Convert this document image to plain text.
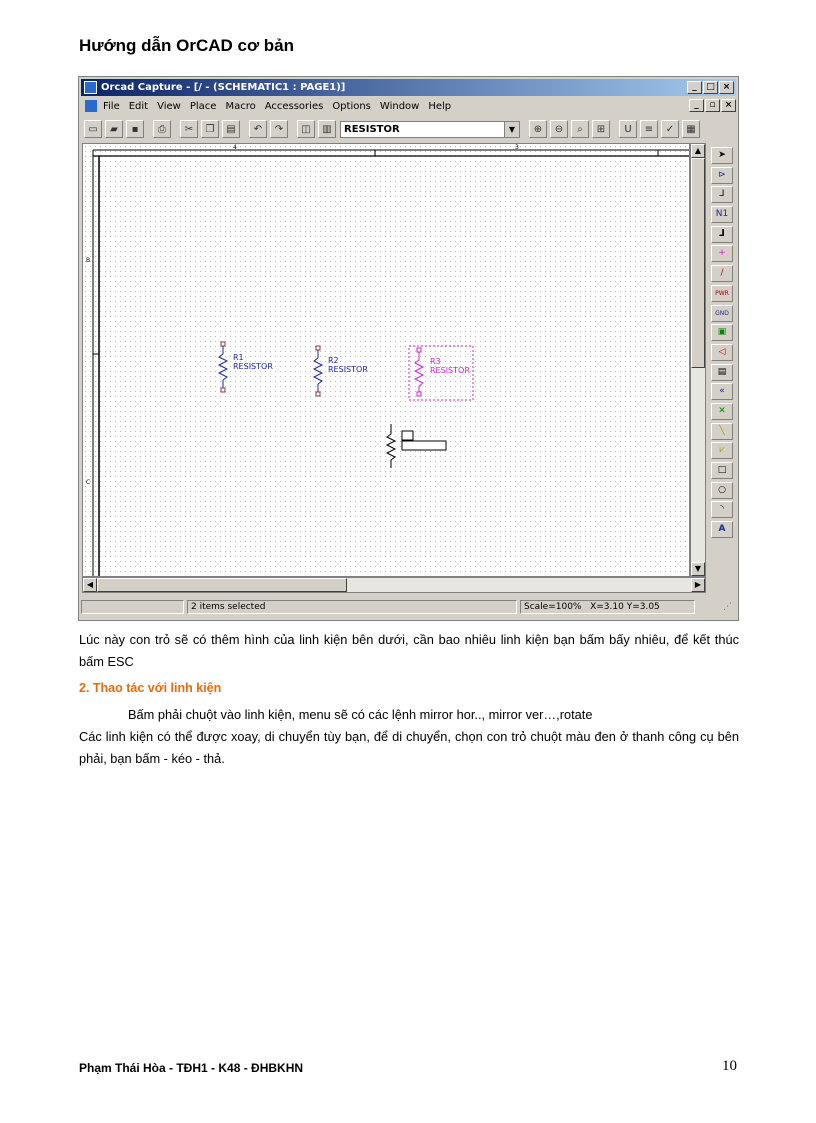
Hướng dẫn OrCAD cơ bản
Orcad Capture - [/ - (SCHEMATIC1 : PAGE1)]	_	□ ×
File Edit View Place Macro Accessories Options Window Help	_	▫	×
▭	▰	▪	⎙	✂	❐	▤	↶	↷	◫	▥	RESISTOR	▼	⊕	⊖	⌕	⊞	U	≡	✓	▦
4	3
B
C
R1
RESISTOR
R2
RESISTOR
R3
RESISTOR
▲
▼
◀	▶
➤
⊳
⅃
N1
ᒧ
+
/
PWR
GND
▣
◁
▤
«
✕
╲
⩗
□
○
◝
A
2 items selected	Scale=100% X=3.10 Y=3.05	⋰
Lúc này con trỏ sẽ có thêm hình của linh kiện bên dưới, cần bao nhiêu linh kiện bạn bấm bấy nhiêu, để kết thúc bấm ESC
2. Thao tác với linh kiện
Bấm phải chuột vào linh kiện, menu sẽ có các lệnh mirror hor.., mirror ver…,rotate
Các linh kiện có thể được xoay, di chuyển tùy bạn, để di chuyển, chọn con trỏ chuột màu đen ở thanh công cụ bên phải, bạn bấm - kéo - thả.
Phạm Thái Hòa - TĐH1 - K48 - ĐHBKHN	10
